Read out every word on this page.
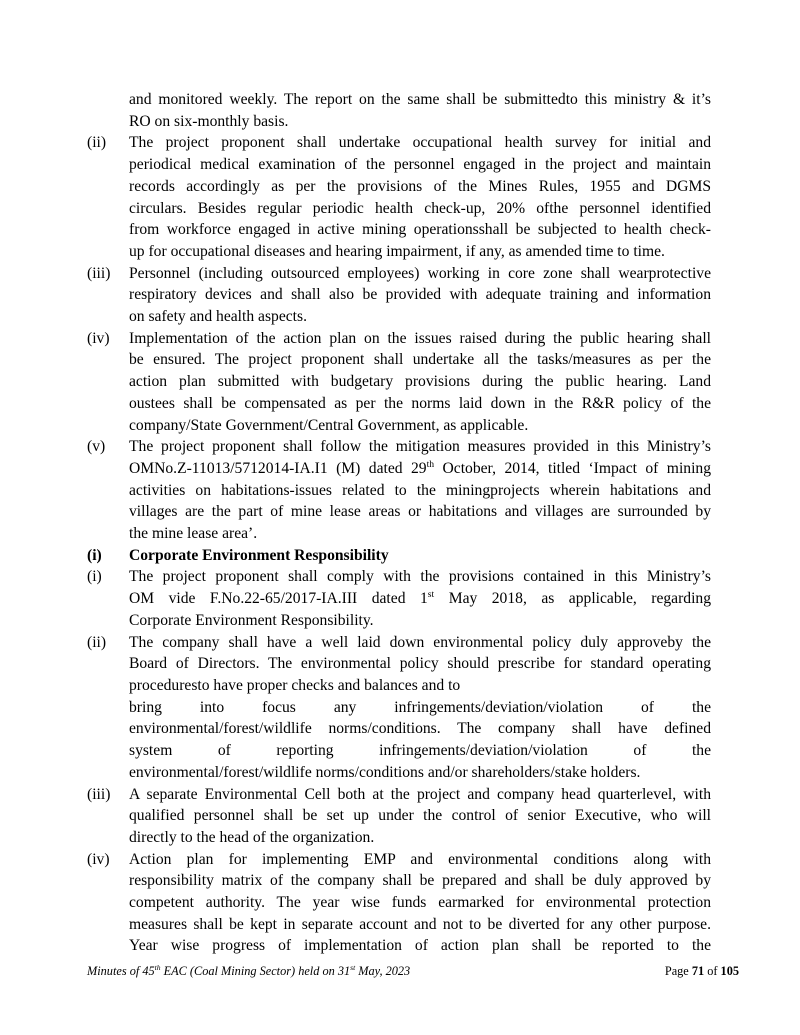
and monitored weekly. The report on the same shall be submittedto this ministry & it’s
RO on six-monthly basis.
(ii)	The project proponent shall undertake occupational health survey for initial and
periodical medical examination of the personnel engaged in the project and maintain
records accordingly as per the provisions of the Mines Rules, 1955 and DGMS
circulars. Besides regular periodic health check-up, 20% ofthe personnel identified
from workforce engaged in active mining operationsshall be subjected to health check-
up for occupational diseases and hearing impairment, if any, as amended time to time.
(iii)	Personnel (including outsourced employees) working in core zone shall wearprotective
respiratory devices and shall also be provided with adequate training and information
on safety and health aspects.
(iv)	Implementation of the action plan on the issues raised during the public hearing shall
be ensured. The project proponent shall undertake all the tasks/measures as per the
action plan submitted with budgetary provisions during the public hearing. Land
oustees shall be compensated as per the norms laid down in the R&R policy of the
company/State Government/Central Government, as applicable.
(v)	The project proponent shall follow the mitigation measures provided in this Ministry’s
OMNo.Z-11013/5712014-IA.I1 (M) dated 29th October, 2014, titled ‘Impact of mining
activities on habitations-issues related to the miningprojects wherein habitations and
villages are the part of mine lease areas or habitations and villages are surrounded by
the mine lease area’.
(i)	Corporate Environment Responsibility
(i)	The project proponent shall comply with the provisions contained in this Ministry’s
OM vide F.No.22-65/2017-IA.III dated 1st May 2018, as applicable, regarding
Corporate Environment Responsibility.
(ii)	The company shall have a well laid down environmental policy duly approveby the
Board of Directors. The environmental policy should prescribe for standard operating
proceduresto have proper checks and balances and to
bring into focus any infringements/deviation/violation of the
environmental/forest/wildlife norms/conditions. The company shall have defined
system of reporting infringements/deviation/violation of the
environmental/forest/wildlife norms/conditions and/or shareholders/stake holders.
(iii)	A separate Environmental Cell both at the project and company head quarterlevel, with
qualified personnel shall be set up under the control of senior Executive, who will
directly to the head of the organization.
(iv)	Action plan for implementing EMP and environmental conditions along with
responsibility matrix of the company shall be prepared and shall be duly approved by
competent authority. The year wise funds earmarked for environmental protection
measures shall be kept in separate account and not to be diverted for any other purpose.
Year wise progress of implementation of action plan shall be reported to the
Minutes of 45th EAC (Coal Mining Sector) held on 31st May, 2023	Page 71 of 105
